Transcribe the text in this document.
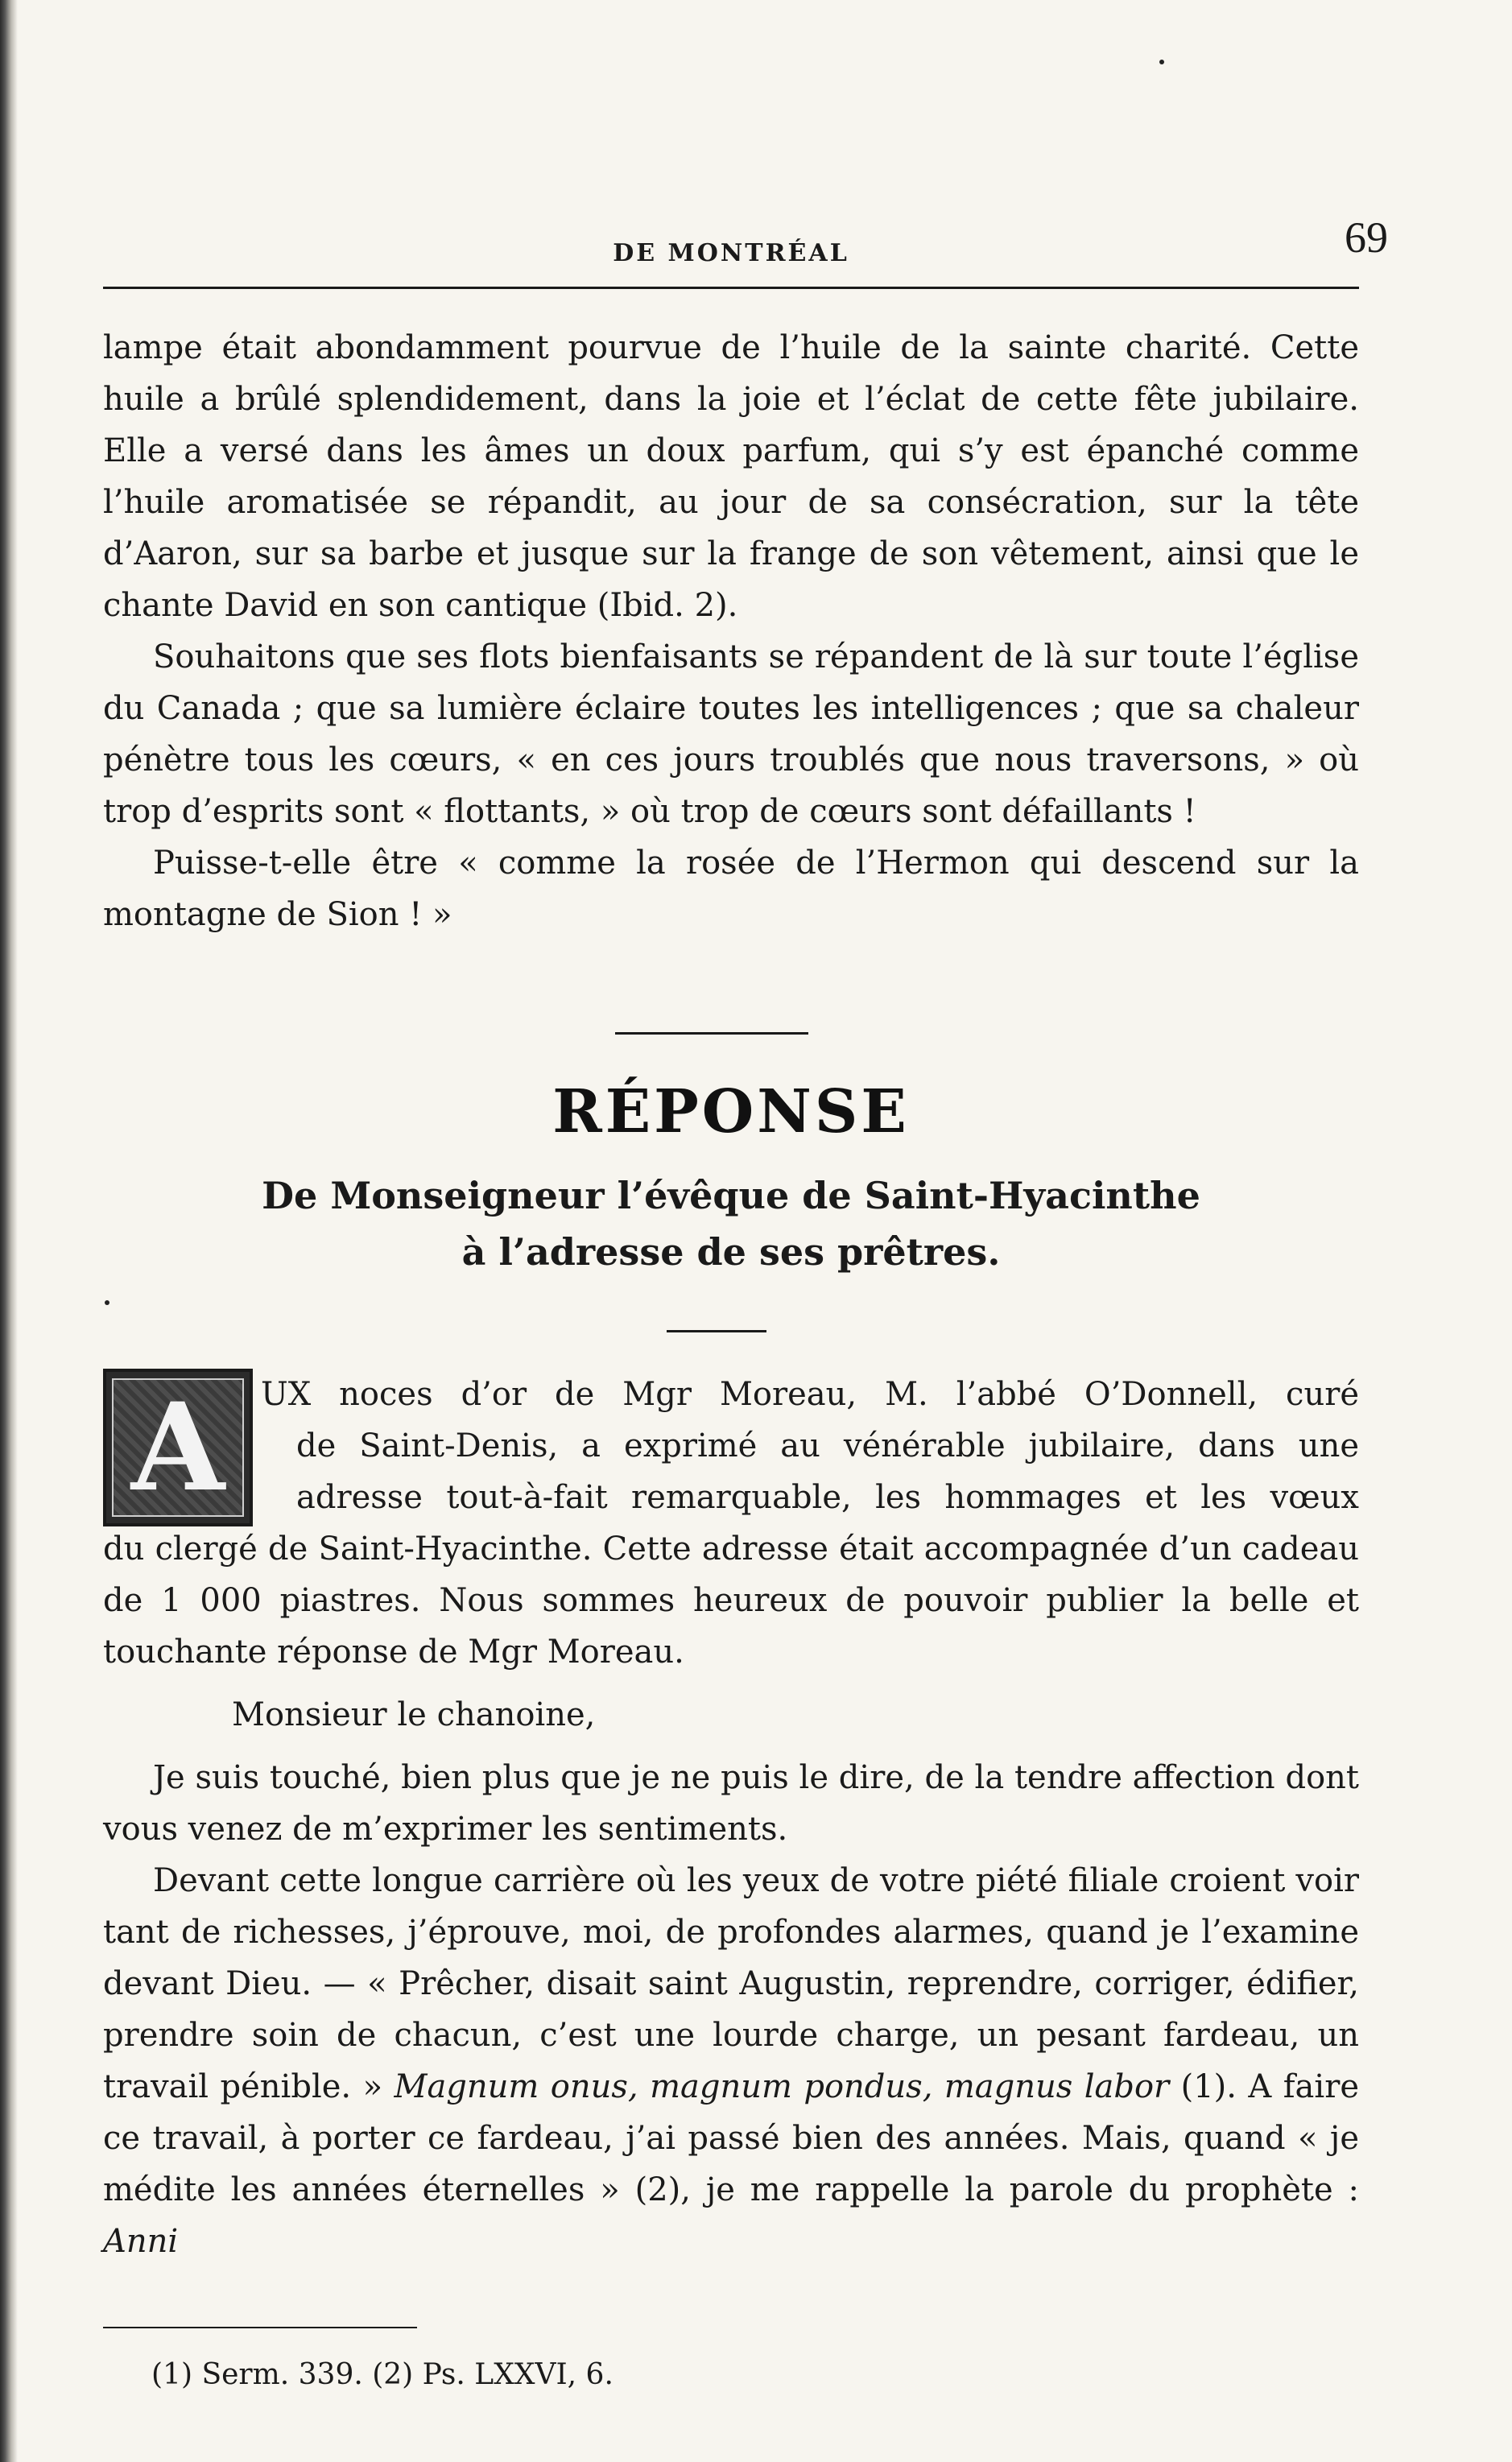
DE MONTRÉAL	69

lampe était abondamment pourvue de l’huile de la sainte charité. Cette huile a brûlé splendidement, dans la joie et l’éclat de cette fête jubilaire. Elle a versé dans les âmes un doux parfum, qui s’y est épanché comme l’huile aromatisée se répandit, au jour de sa consécration, sur la tête d’Aaron, sur sa barbe et jusque sur la frange de son vêtement, ainsi que le chante David en son cantique (Ibid. 2).

Souhaitons que ses flots bienfaisants se répandent de là sur toute l’église du Canada ; que sa lumière éclaire toutes les intelligences ; que sa chaleur pénètre tous les cœurs, « en ces jours troublés que nous traversons, » où trop d’esprits sont « flottants, » où trop de cœurs sont défaillants !

Puisse-t-elle être « comme la rosée de l’Hermon qui descend sur la montagne de Sion ! »

RÉPONSE
De Monseigneur l’évêque de Saint-Hyacinthe
à l’adresse de ses prêtres.
A UX noces d’or de Mgr Moreau, M. l’abbé O’Donnell, curé
de Saint-Denis, a exprimé au vénérable jubilaire, dans une
adresse tout-à-fait remarquable, les hommages et les vœux

du clergé de Saint-Hyacinthe. Cette adresse était accompagnée d’un cadeau de 1 000 piastres. Nous sommes heureux de pouvoir publier la belle et touchante réponse de Mgr Moreau.

Monsieur le chanoine,

Je suis touché, bien plus que je ne puis le dire, de la tendre affection dont vous venez de m’exprimer les sentiments.

Devant cette longue carrière où les yeux de votre piété filiale croient voir tant de richesses, j’éprouve, moi, de profondes alarmes, quand je l’examine devant Dieu. — « Prêcher, disait saint Augustin, reprendre, corriger, édifier, prendre soin de chacun, c’est une lourde charge, un pesant fardeau, un travail pénible. » Magnum onus, magnum pondus, magnus labor (1). A faire ce travail, à porter ce fardeau, j’ai passé bien des années. Mais, quand « je médite les années éternelles » (2), je me rappelle la parole du prophète : Anni

(1) Serm. 339. (2) Ps. LXXVI, 6.
